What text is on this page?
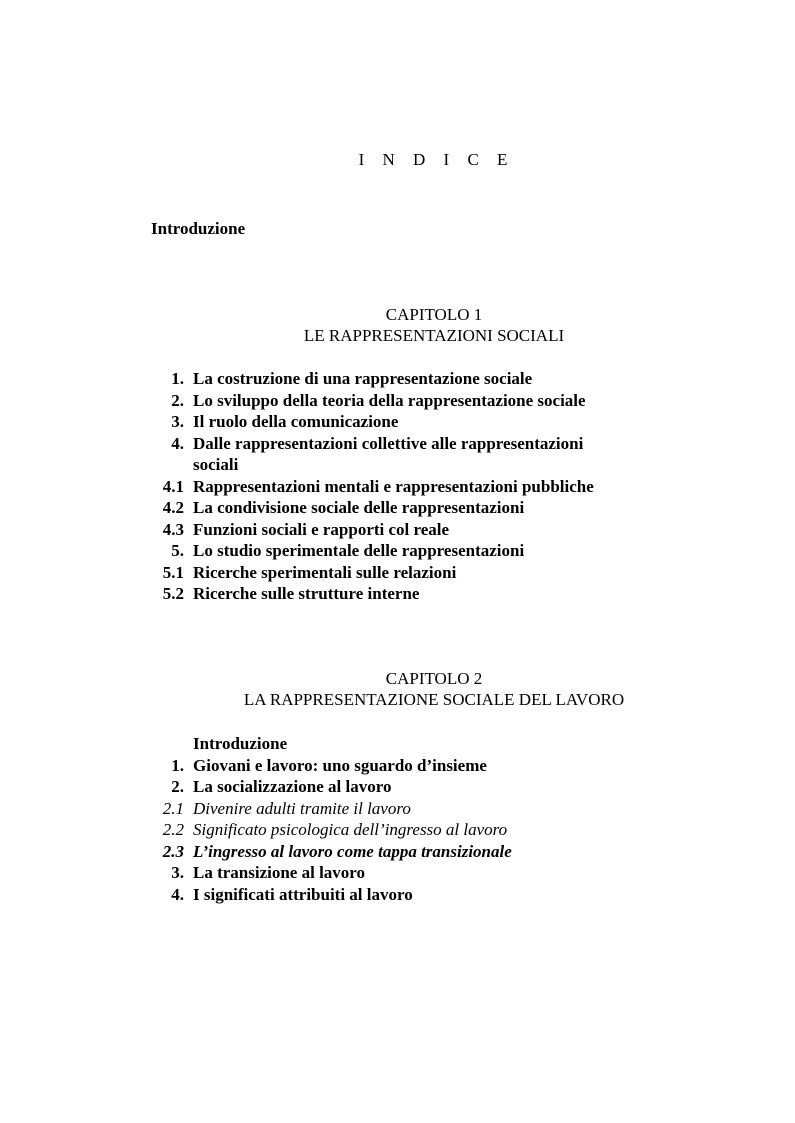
I N D I C E
Introduzione
CAPITOLO 1
LE RAPPRESENTAZIONI SOCIALI
1. La costruzione di una rappresentazione sociale
2. Lo sviluppo della teoria della rappresentazione sociale
3. Il ruolo della comunicazione
4. Dalle rappresentazioni collettive alle rappresentazioni
sociali
4.1 Rappresentazioni mentali e rappresentazioni pubbliche
4.2 La condivisione sociale delle rappresentazioni
4.3 Funzioni sociali e rapporti col reale
5. Lo studio sperimentale delle rappresentazioni
5.1 Ricerche sperimentali sulle relazioni
5.2 Ricerche sulle strutture interne
CAPITOLO 2
LA RAPPRESENTAZIONE SOCIALE DEL LAVORO
Introduzione
1. Giovani e lavoro: uno sguardo d’insieme
2. La socializzazione al lavoro
2.1 Divenire adulti tramite il lavoro
2.2 Significato psicologica dell’ingresso al lavoro
2.3 L’ingresso al lavoro come tappa transizionale
3. La transizione al lavoro
4. I significati attribuiti al lavoro
